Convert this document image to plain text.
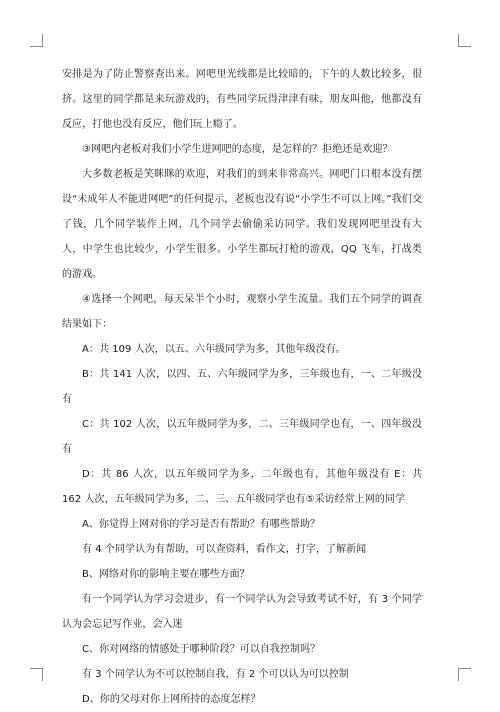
安排是为了防止警察查出来。网吧里光线都是比较暗的，下午的人数比较多，很挤。这里的同学都是来玩游戏的，有些同学玩得津津有味，朋友叫他，他都没有反应，打他也没有反应，他们玩上瘾了。

③网吧内老板对我们小学生进网吧的态度，是怎样的？拒绝还是欢迎？

大多数老板是笑眯眯的欢迎，对我们的到来非常高兴。网吧门口根本没有摆设“未成年人不能进网吧”的任何提示，老板也没有说“小学生不可以上网。”我们交了钱，几个同学装作上网，几个同学去偷偷采访同学。我们发现网吧里没有大人，中学生也比较少，小学生很多。小学生都玩打枪的游戏，QQ 飞车，打战类的游戏。

④选择一个网吧，每天呆半个小时，观察小学生流量。我们五个同学的调查结果如下：

A：共 109 人次，以五、六年级同学为多，其他年级没有。

B：共 141 人次，以四、五、六年级同学为多，三年级也有，一、二年级没有

C：共 102 人次，以五年级同学为多，二、三年级同学也有，一、四年级没有

D：共 86 人次，以五年级同学为多，二年级也有，其他年级没有 E：共 162 人次，五年级同学为多，二、三、五年级同学也有⑤采访经常上网的同学

A、你觉得上网对你的学习是否有帮助？有哪些帮助？

有 4 个同学认为有帮助，可以查资料，看作文，打字，了解新闻

B、网络对你的影响主要在哪些方面？

有一个同学认为学习会进步，有一个同学认为会导致考试不好，有 3 个同学认为会忘记写作业，会入迷

C、你对网络的情感处于哪种阶段？可以自我控制吗？

有 3 个同学认为不可以控制自我，有 2 个可以认为可以控制

D、你的父母对你上网所持的态度怎样？
